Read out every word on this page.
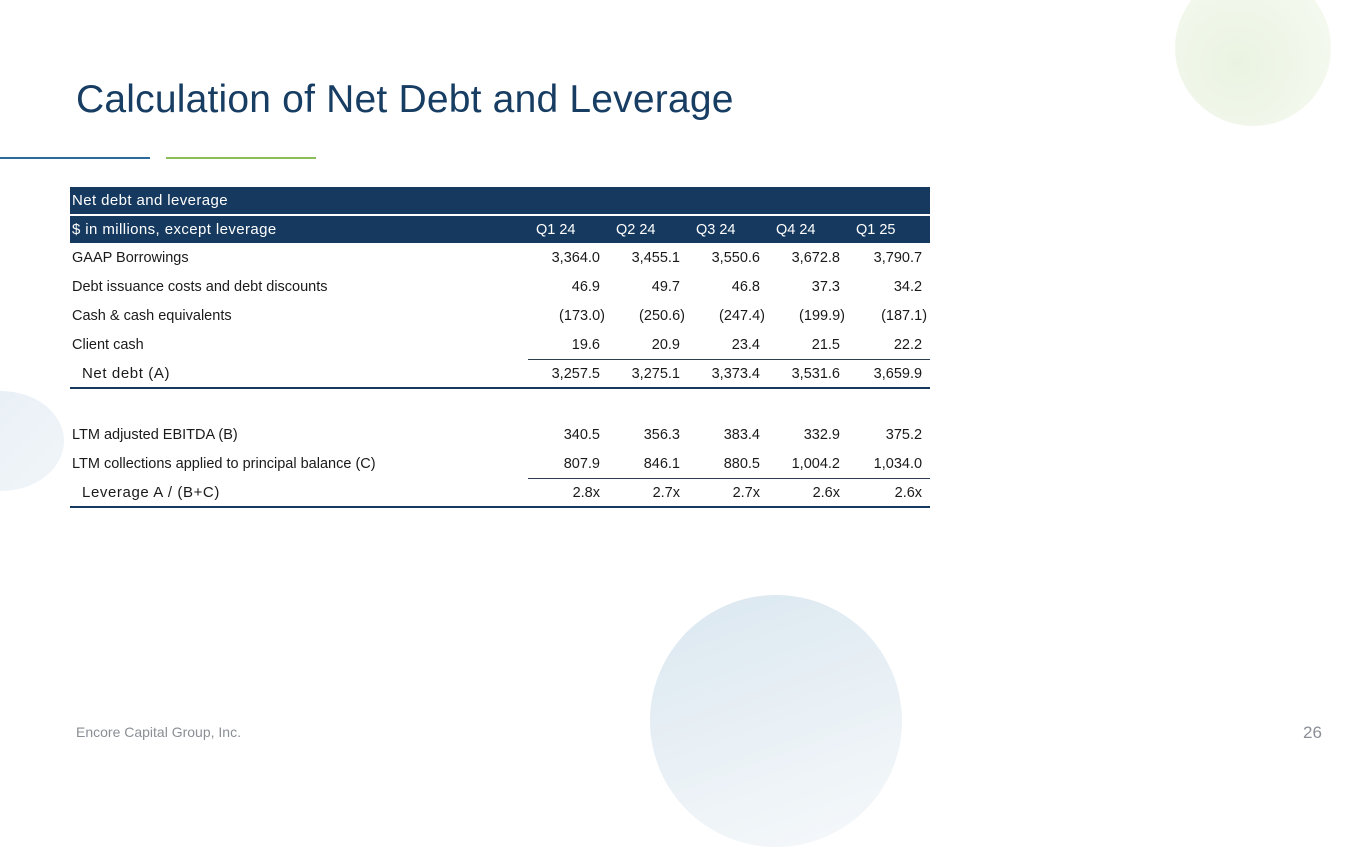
Calculation of Net Debt and Leverage
Net debt and leverage					
$ in millions, except leverage	Q1 24	Q2 24	Q3 24	Q4 24	Q1 25
GAAP Borrowings	3,364.0	3,455.1	3,550.6	3,672.8	3,790.7
Debt issuance costs and debt discounts	46.9	49.7	46.8	37.3	34.2
Cash & cash equivalents	(173.0)	(250.6)	(247.4)	(199.9)	(187.1)
Client cash	19.6	20.9	23.4	21.5	22.2
Net debt (A)	3,257.5	3,275.1	3,373.4	3,531.6	3,659.9

LTM adjusted EBITDA (B)	340.5	356.3	383.4	332.9	375.2
LTM collections applied to principal balance (C)	807.9	846.1	880.5	1,004.2	1,034.0
Leverage A / (B+C)	2.8x	2.7x	2.7x	2.6x	2.6x
Encore Capital Group, Inc.	26
